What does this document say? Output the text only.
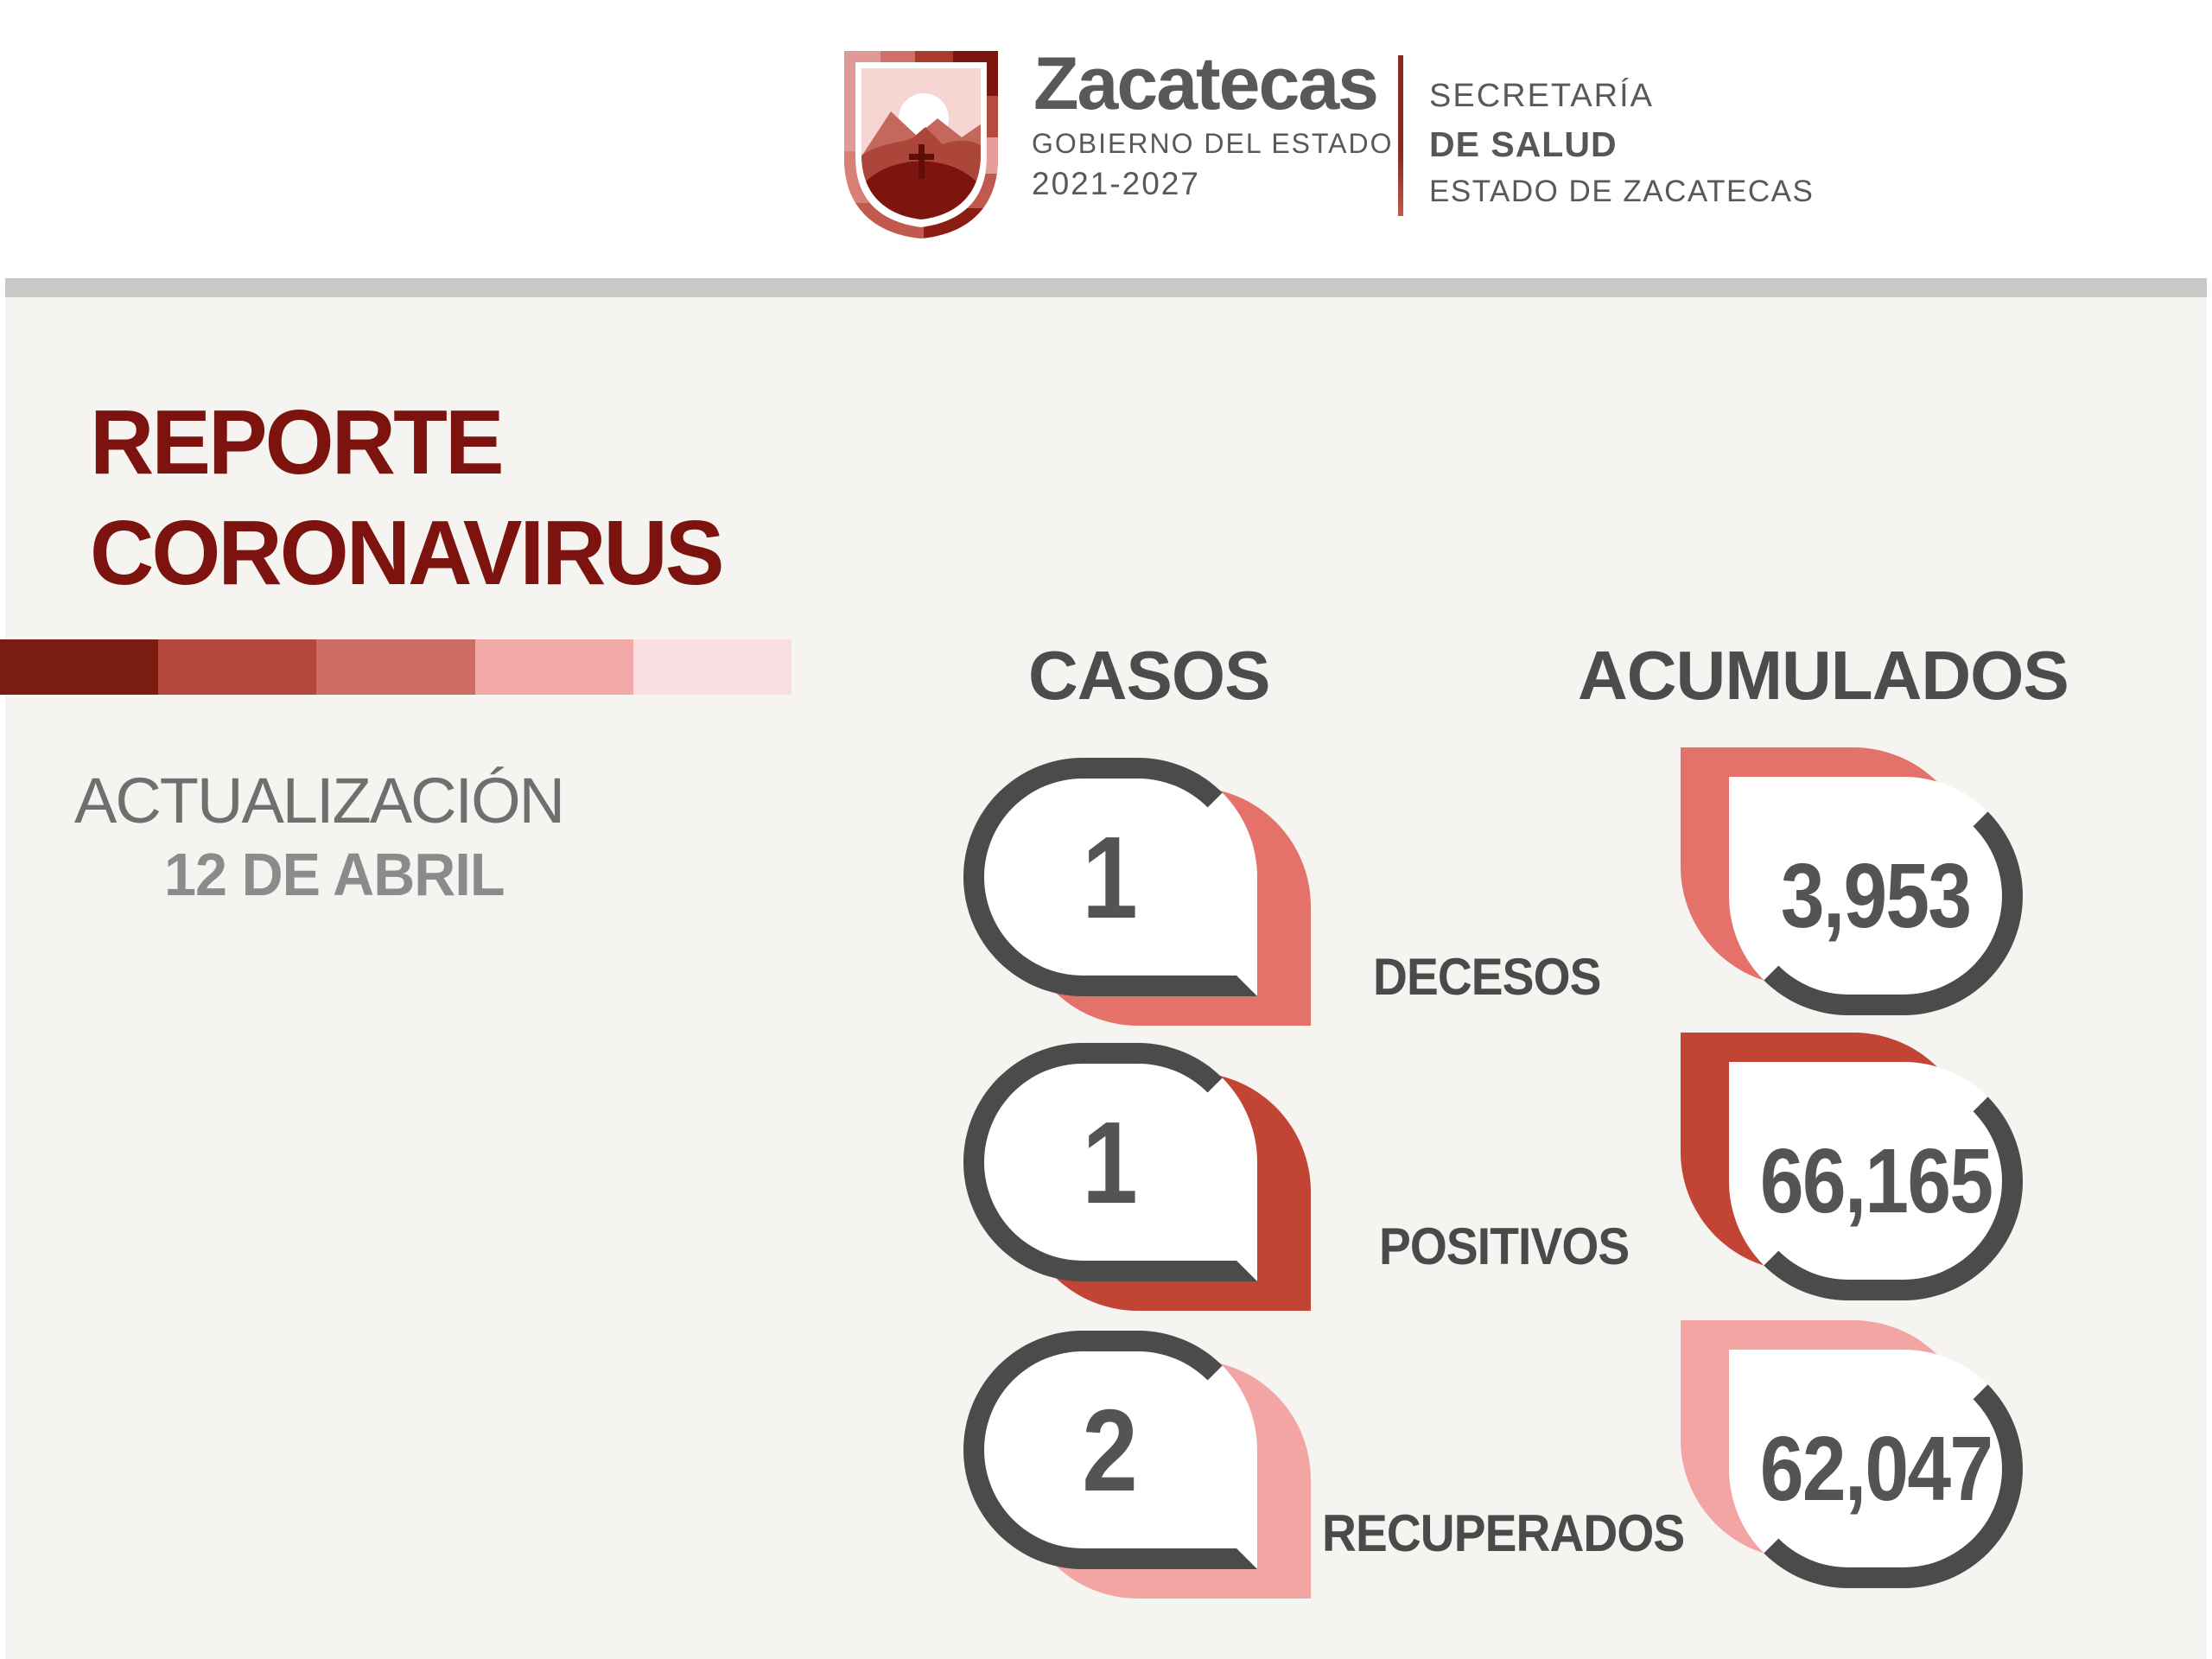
Zacatecas
GOBIERNO DEL ESTADO
2021-2027
SECRETARÍA
DE SALUD
ESTADO DE ZACATECAS
REPORTE
CORONAVIRUS
ACTUALIZACIÓN
12 DE ABRIL
CASOS	ACUMULADOS
1	3,953
DECESOS
1	66,165
POSITIVOS
2	62,047
RECUPERADOS
